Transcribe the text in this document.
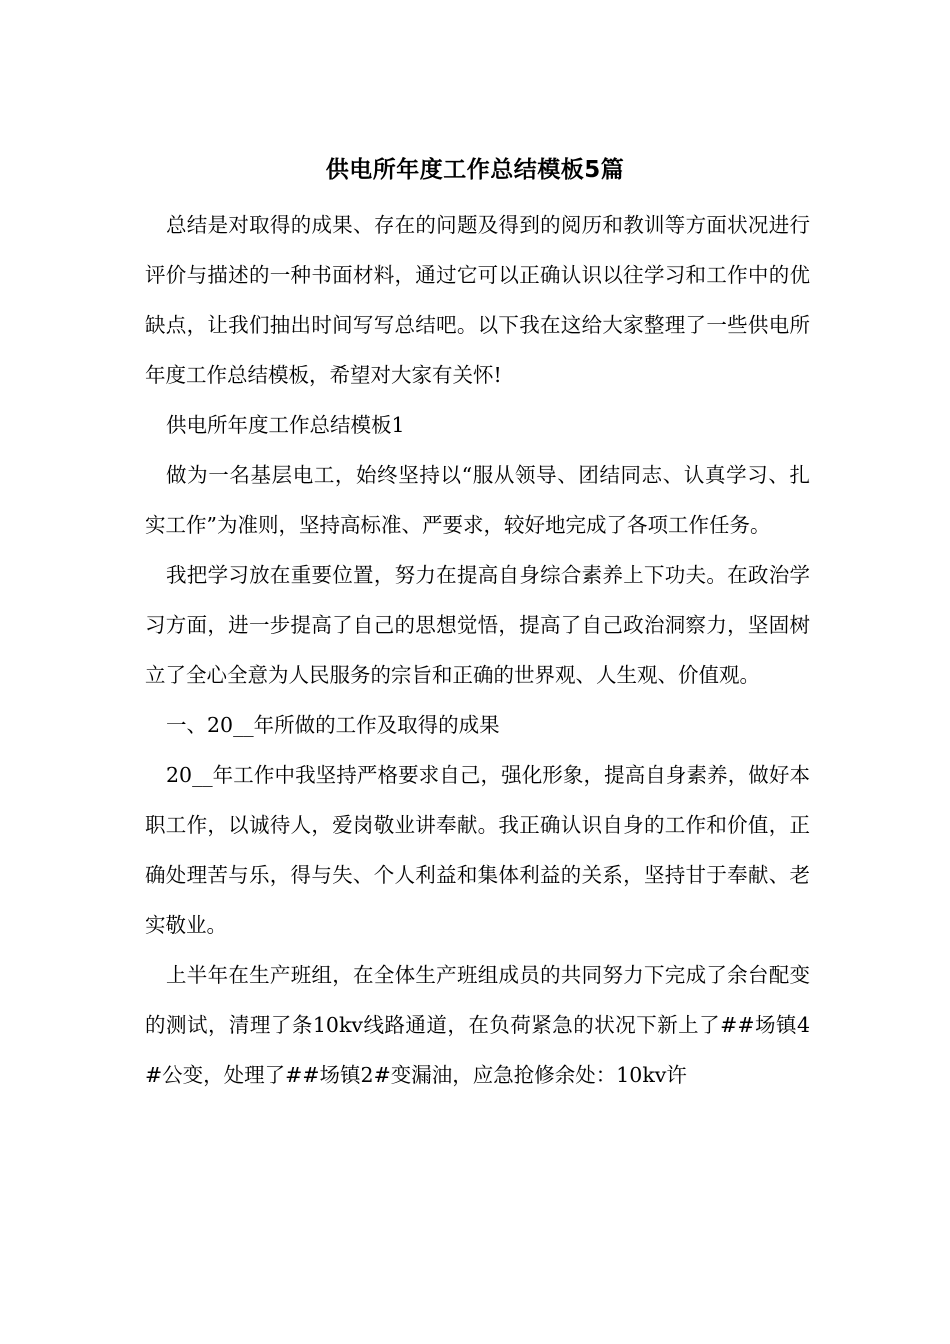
供电所年度工作总结模板5篇

总结是对取得的成果、存在的问题及得到的阅历和教训等方面状况进行评价与描述的一种书面材料，通过它可以正确认识以往学习和工作中的优缺点，让我们抽出时间写写总结吧。以下我在这给大家整理了一些供电所年度工作总结模板，希望对大家有关怀!

供电所年度工作总结模板1

做为一名基层电工，始终坚持以“服从领导、团结同志、认真学习、扎实工作”为准则，坚持高标准、严要求，较好地完成了各项工作任务。

我把学习放在重要位置，努力在提高自身综合素养上下功夫。在政治学习方面，进一步提高了自己的思想觉悟，提高了自己政治洞察力，坚固树立了全心全意为人民服务的宗旨和正确的世界观、人生观、价值观。

一、20__年所做的工作及取得的成果

20__年工作中我坚持严格要求自己，强化形象，提高自身素养，做好本职工作，以诚待人，爱岗敬业讲奉献。我正确认识自身的工作和价值，正确处理苦与乐，得与失、个人利益和集体利益的关系，坚持甘于奉献、老实敬业。

上半年在生产班组，在全体生产班组成员的共同努力下完成了余台配变的测试，清理了条10kv线路通道，在负荷紧急的状况下新上了##场镇4#公变，处理了##场镇2#变漏油，应急抢修余处：10kv许
